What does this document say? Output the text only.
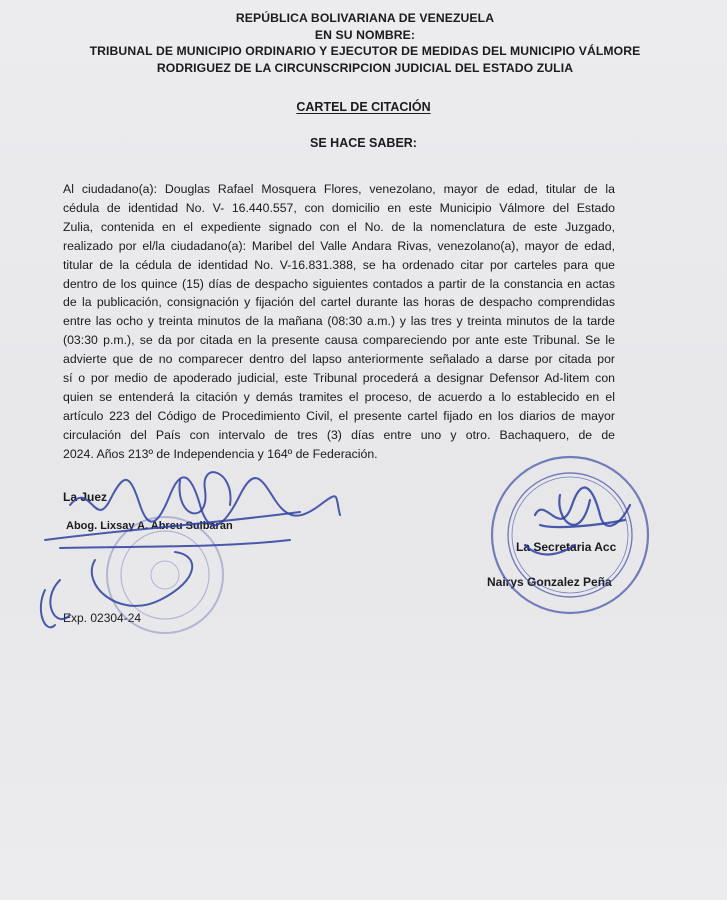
REPÚBLICA BOLIVARIANA DE VENEZUELA
EN SU NOMBRE:
TRIBUNAL DE MUNICIPIO ORDINARIO Y EJECUTOR DE MEDIDAS DEL MUNICIPIO VÁLMORE
RODRIGUEZ DE LA CIRCUNSCRIPCION JUDICIAL DEL ESTADO ZULIA
CARTEL DE CITACIÓN
SE HACE SABER:
Al ciudadano(a): Douglas Rafael Mosquera Flores, venezolano, mayor de edad, titular de la
cédula de identidad No. V- 16.440.557, con domicilio en este Municipio Válmore del Estado
Zulia, contenida en el expediente signado con el No. de la nomenclatura de este Juzgado,
realizado por el/la ciudadano(a): Maribel del Valle Andara Rivas, venezolano(a), mayor de edad,
titular de la cédula de identidad No. V-16.831.388, se ha ordenado citar por carteles para que
dentro de los quince (15) días de despacho siguientes contados a partir de la constancia en actas
de la publicación, consignación y fijación del cartel durante las horas de despacho comprendidas
entre las ocho y treinta minutos de la mañana (08:30 a.m.) y las tres y treinta minutos de la tarde
(03:30 p.m.), se da por citada en la presente causa compareciendo por ante este Tribunal. Se le
advierte que de no comparecer dentro del lapso anteriormente señalado a darse por citada por
sí o por medio de apoderado judicial, este Tribunal procederá a designar Defensor Ad-litem con
quien se entenderá la citación y demás tramites el proceso, de acuerdo a lo establecido en el
artículo 223 del Código de Procedimiento Civil, el presente cartel fijado en los diarios de mayor
circulación del País con intervalo de tres (3) días entre uno y otro. Bachaquero, de de
2024. Años 213º de Independencia y 164º de Federación.
La Juez
Abog. Lixsay A. Abreu Sulbaran
La Secretaria Acc
Nairys Gonzalez Peña
Exp. 02304-24
